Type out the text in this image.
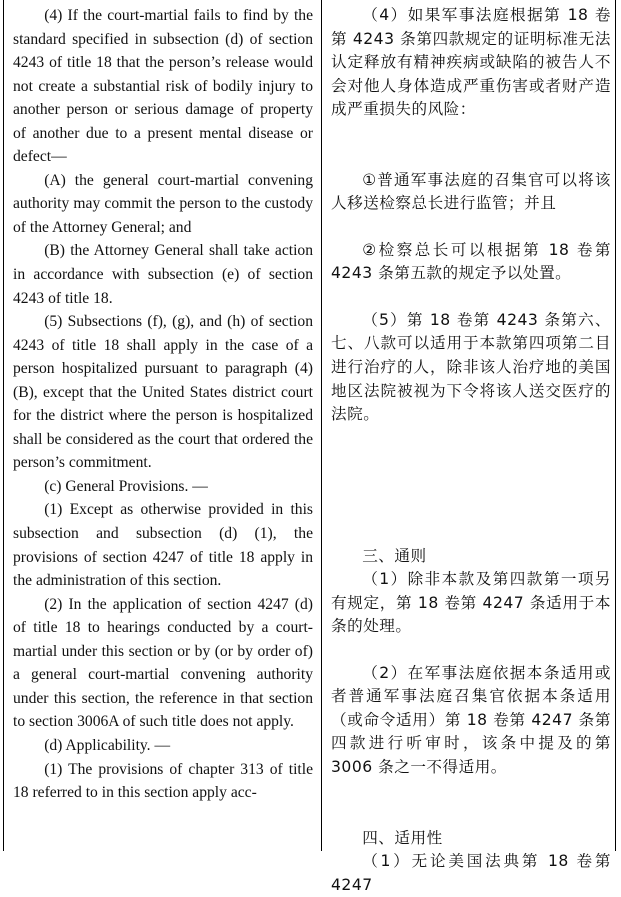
(4) If the court-martial fails to find by the standard specified in subsection (d) of section 4243 of title 18 that the person’s release would not create a substantial risk of bodily injury to another person or serious damage of property of another due to a present mental disease or defect—

(A) the general court-martial convening authority may commit the person to the custody of the Attorney General; and

(B) the Attorney General shall take action in accordance with subsection (e) of section 4243 of title 18.

(5) Subsections (f), (g), and (h) of section 4243 of title 18 shall apply in the case of a person hospitalized pursuant to paragraph (4) (B), except that the United States district court for the district where the person is hospitalized shall be considered as the court that ordered the person’s commitment.

(c) General Provisions. —

(1) Except as otherwise provided in this subsection and subsection (d) (1), the provisions of section 4247 of title 18 apply in the administration of this section.

(2) In the application of section 4247 (d) of title 18 to hearings conducted by a court-martial under this section or by (or by order of) a general court-martial convening authority under this section, the reference in that section to section 3006A of such title does not apply.

(d) Applicability. —

(1) The provisions of chapter 313 of title 18 referred to in this section apply acc-

（4）如果军事法庭根据第 18 卷第 4243 条第四款规定的证明标准无法认定释放有精神疾病或缺陷的被告人不会对他人身体造成严重伤害或者财产造成严重损失的风险：

①普通军事法庭的召集官可以将该人移送检察总长进行监管；并且

②检察总长可以根据第 18 卷第 4243 条第五款的规定予以处置。

（5）第 18 卷第 4243 条第六、七、八款可以适用于本款第四项第二目进行治疗的人，除非该人治疗地的美国地区法院被视为下令将该人送交医疗的法院。

三、通则

（1）除非本款及第四款第一项另有规定，第 18 卷第 4247 条适用于本条的处理。

（2）在军事法庭依据本条适用或者普通军事法庭召集官依据本条适用（或命令适用）第 18 卷第 4247 条第四款进行听审时，该条中提及的第 3006 条之一不得适用。

四、适用性

（1）无论美国法典第 18 卷第 4247
